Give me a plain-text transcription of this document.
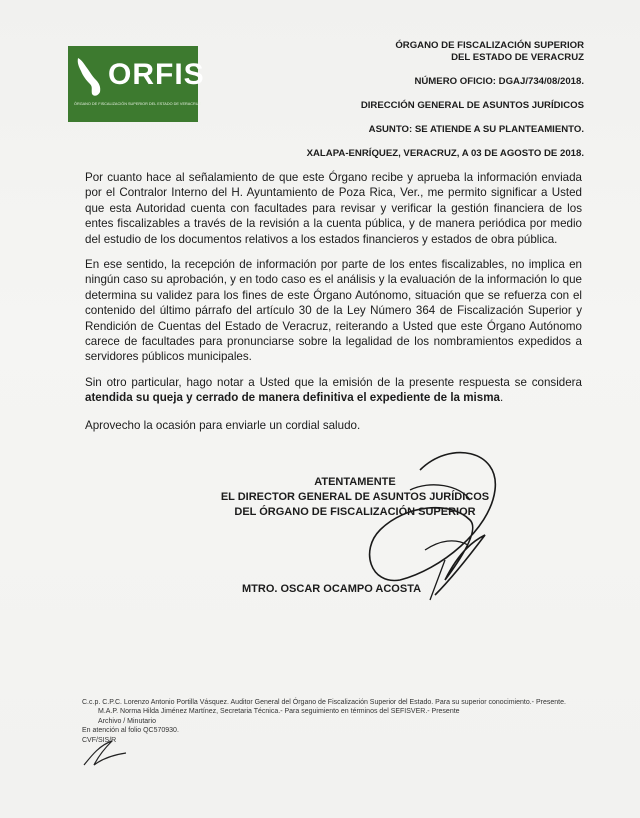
ORFIS
ÓRGANO DE FISCALIZACIÓN SUPERIOR DEL ESTADO DE VERACRUZ
ÓRGANO DE FISCALIZACIÓN SUPERIOR
DEL ESTADO DE VERACRUZ
NÚMERO OFICIO: DGAJ/734/08/2018.
DIRECCIÓN GENERAL DE ASUNTOS JURÍDICOS
ASUNTO: SE ATIENDE A SU PLANTEAMIENTO.
XALAPA-ENRÍQUEZ, VERACRUZ, A 03 DE AGOSTO DE 2018.

Por cuanto hace al señalamiento de que este Órgano recibe y aprueba la información enviada por el Contralor Interno del H. Ayuntamiento de Poza Rica, Ver., me permito significar a Usted que esta Autoridad cuenta con facultades para revisar y verificar la gestión financiera de los entes fiscalizables a través de la revisión a la cuenta pública, y de manera periódica por medio del estudio de los documentos relativos a los estados financieros y estados de obra pública.

En ese sentido, la recepción de información por parte de los entes fiscalizables, no implica en ningún caso su aprobación, y en todo caso es el análisis y la evaluación de la información lo que determina su validez para los fines de este Órgano Autónomo, situación que se refuerza con el contenido del último párrafo del artículo 30 de la Ley Número 364 de Fiscalización Superior y Rendición de Cuentas del Estado de Veracruz, reiterando a Usted que este Órgano Autónomo carece de facultades para pronunciarse sobre la legalidad de los nombramientos expedidos a servidores públicos municipales.

Sin otro particular, hago notar a Usted que la emisión de la presente respuesta se considera atendida su queja y cerrado de manera definitiva el expediente de la misma.

Aprovecho la ocasión para enviarle un cordial saludo.

ATENTAMENTE
EL DIRECTOR GENERAL DE ASUNTOS JURÍDICOS
DEL ÓRGANO DE FISCALIZACIÓN SUPERIOR
MTRO. OSCAR OCAMPO ACOSTA
C.c.p. C.P.C. Lorenzo Antonio Portilla Vásquez. Auditor General del Órgano de Fiscalización Superior del Estado. Para su superior conocimiento.- Presente.
M.A.P. Norma Hilda Jiménez Martínez, Secretaria Técnica.- Para seguimiento en términos del SEFISVER.- Presente
Archivo / Minutario
En atención al folio QC570930.
CVF/SIS/R
